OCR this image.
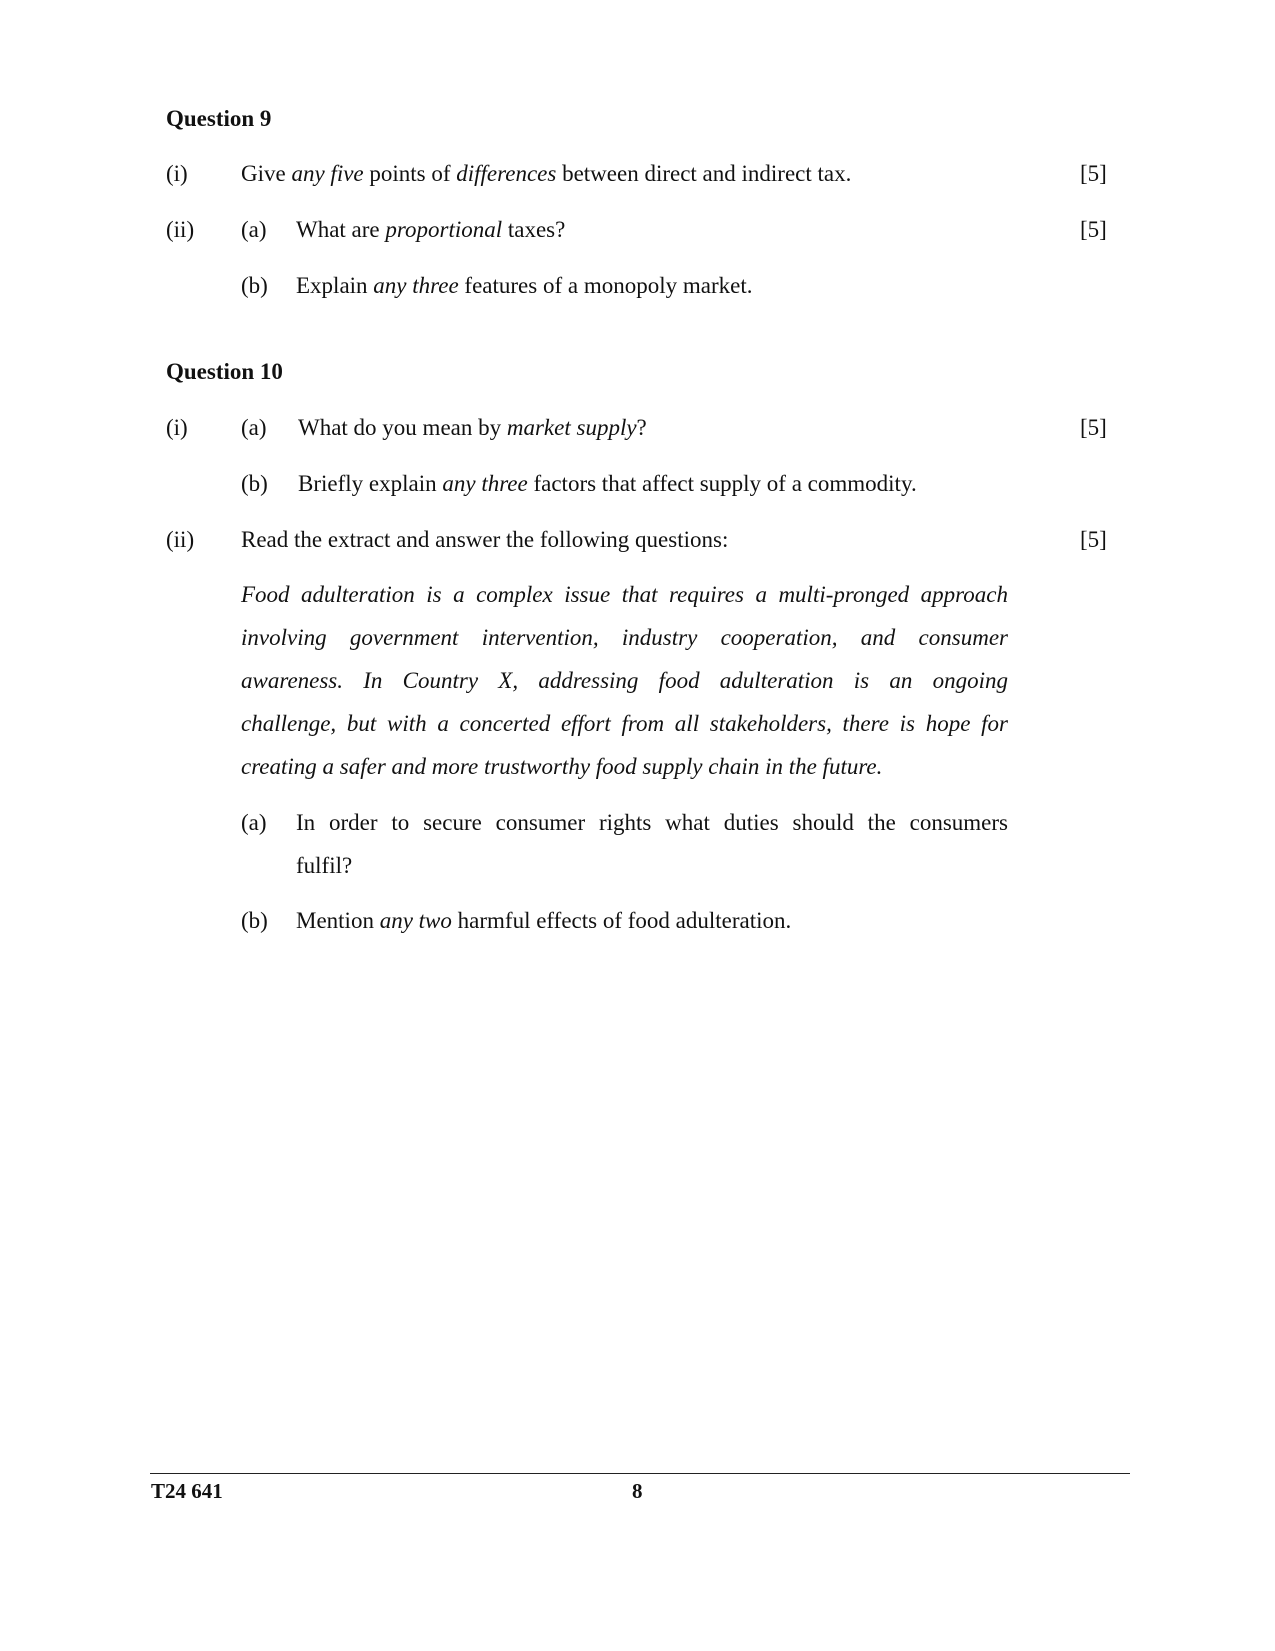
Question 9
(i) Give any five points of differences between direct and indirect tax.	[5]
(ii) (a) What are proportional taxes?	[5]
(b) Explain any three features of a monopoly market.
Question 10
(i) (a) What do you mean by market supply?	[5]
(b) Briefly explain any three factors that affect supply of a commodity.
(ii) Read the extract and answer the following questions:	[5]
Food adulteration is a complex issue that requires a multi-pronged approach
involving government intervention, industry cooperation, and consumer
awareness. In Country X, addressing food adulteration is an ongoing
challenge, but with a concerted effort from all stakeholders, there is hope for
creating a safer and more trustworthy food supply chain in the future.
(a) In order to secure consumer rights what duties should the consumers
fulfil?
(b) Mention any two harmful effects of food adulteration.
T24 641	8
